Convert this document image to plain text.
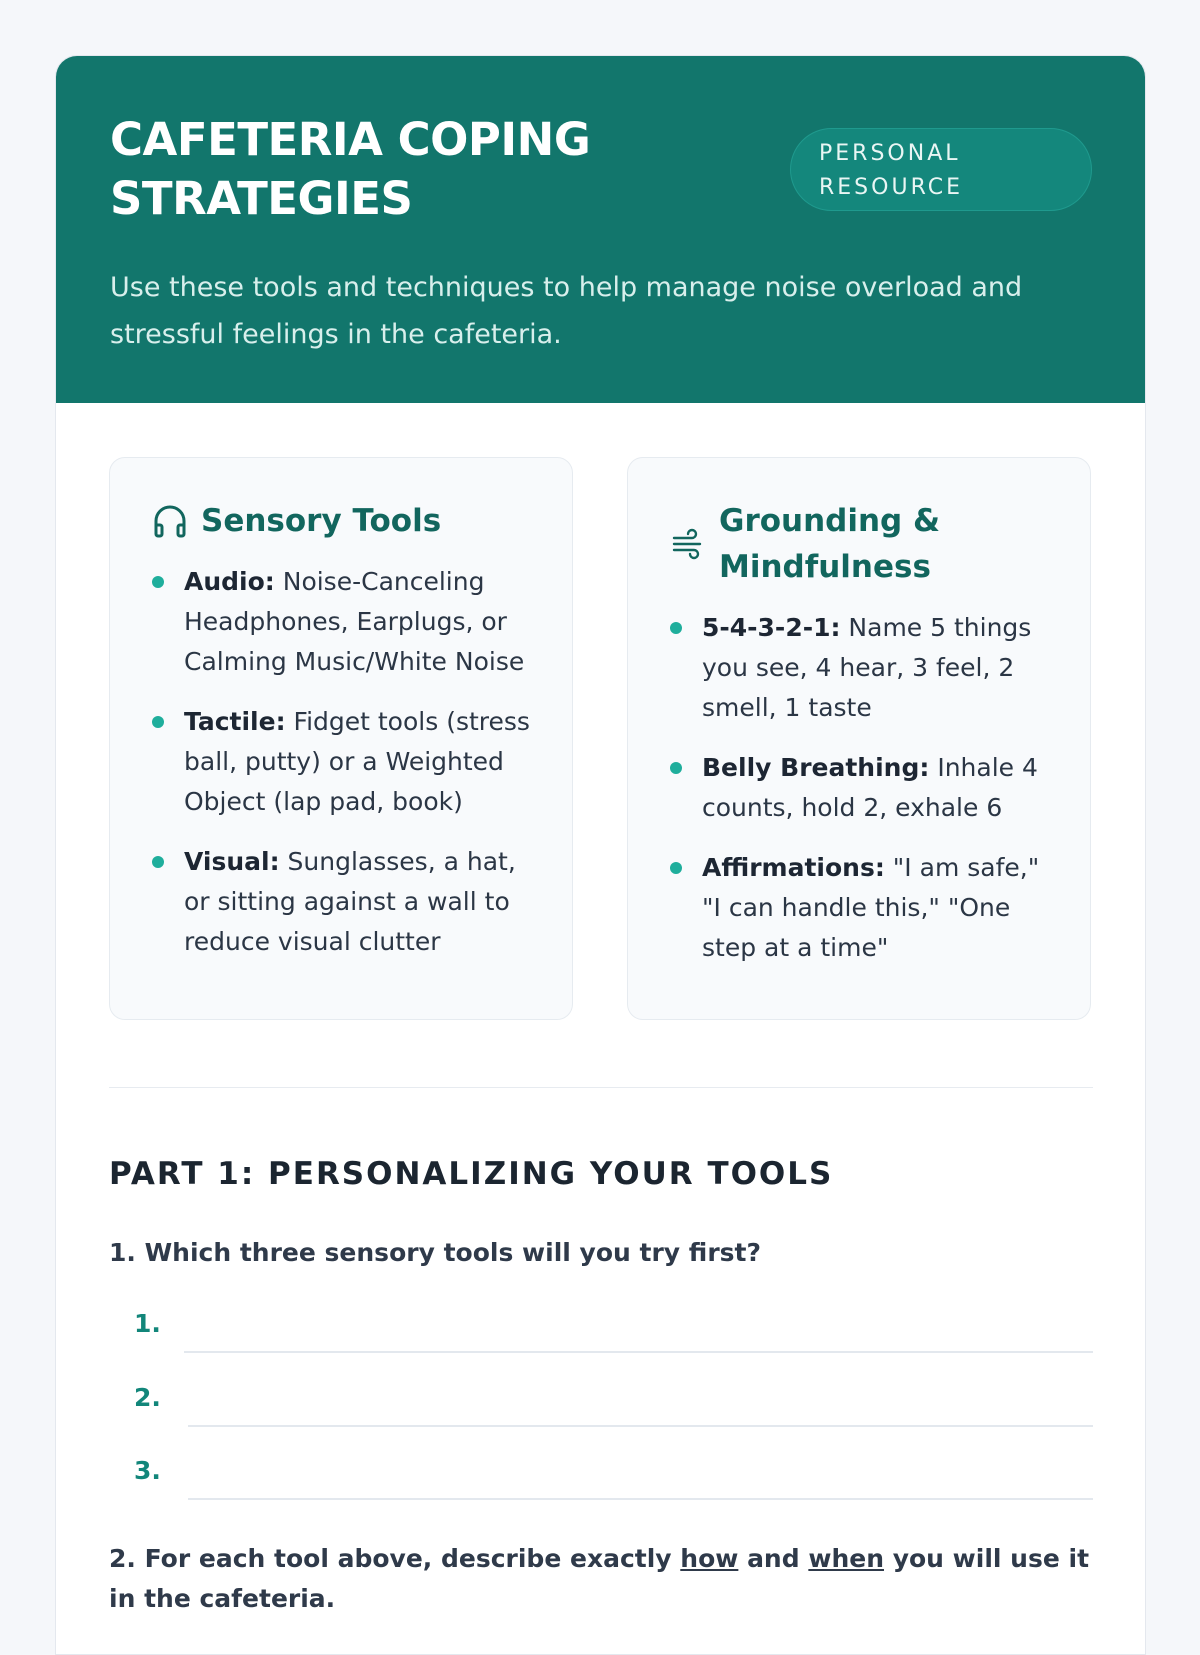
CAFETERIA COPING STRATEGIES
PERSONAL RESOURCE
Use these tools and techniques to help manage noise overload and stressful feelings in the cafeteria.
Sensory Tools
Audio: Noise-Canceling Headphones, Earplugs, or Calming Music/White Noise
Tactile: Fidget tools (stress ball, putty) or a Weighted Object (lap pad, book)
Visual: Sunglasses, a hat, or sitting against a wall to reduce visual clutter
Grounding & Mindfulness
5-4-3-2-1: Name 5 things you see, 4 hear, 3 feel, 2 smell, 1 taste
Belly Breathing: Inhale 4 counts, hold 2, exhale 6
Affirmations: "I am safe," "I can handle this," "One step at a time"
PART 1: PERSONALIZING YOUR TOOLS
1. Which three sensory tools will you try first?
1.
2.
3.
2. For each tool above, describe exactly how and when you will use it in the cafeteria.
